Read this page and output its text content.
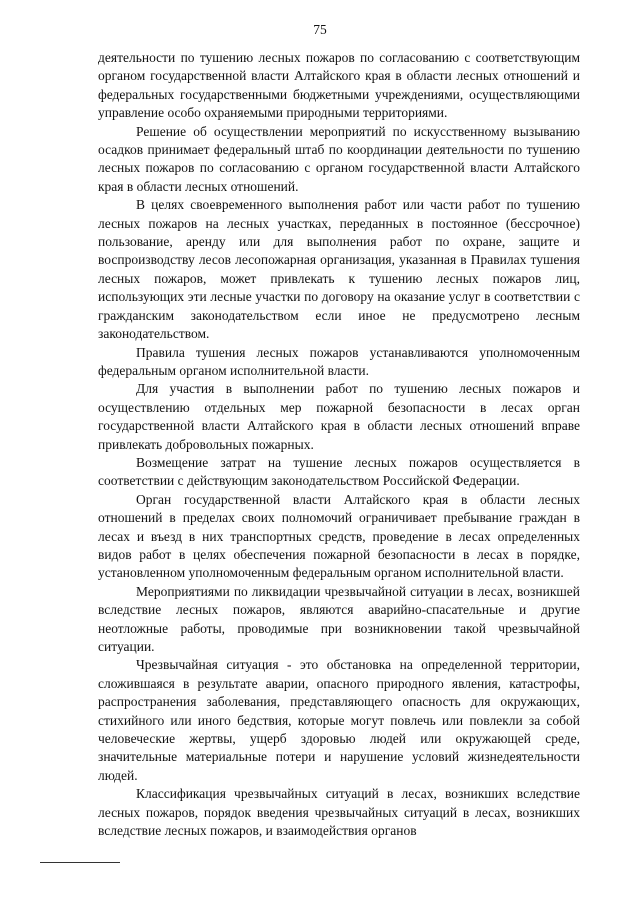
75

деятельности по тушению лесных пожаров по согласованию с соответствующим органом государственной власти Алтайского края в области лесных отношений и федеральных государственными бюджетными учреждениями, осуществляющими управление особо охраняемыми природными территориями.

Решение об осуществлении мероприятий по искусственному вызыванию осадков принимает федеральный штаб по координации деятельности по тушению лесных пожаров по согласованию с органом государственной власти Алтайского края в области лесных отношений.

В целях своевременного выполнения работ или части работ по тушению лесных пожаров на лесных участках, переданных в постоянное (бессрочное) пользование, аренду или для выполнения работ по охране, защите и воспроизводству лесов лесопожарная организация, указанная в Правилах тушения лесных пожаров, может привлекать к тушению лесных пожаров лиц, использующих эти лесные участки по договору на оказание услуг в соответствии с гражданским законодательством если иное не предусмотрено лесным законодательством.

Правила тушения лесных пожаров устанавливаются уполномоченным федеральным органом исполнительной власти.

Для участия в выполнении работ по тушению лесных пожаров и осуществлению отдельных мер пожарной безопасности в лесах орган государственной власти Алтайского края в области лесных отношений вправе привлекать добровольных пожарных.

Возмещение затрат на тушение лесных пожаров осуществляется в соответствии с действующим законодательством Российской Федерации.

Орган государственной власти Алтайского края в области лесных отношений в пределах своих полномочий ограничивает пребывание граждан в лесах и въезд в них транспортных средств, проведение в лесах определенных видов работ в целях обеспечения пожарной безопасности в лесах в порядке, установленном уполномоченным федеральным органом исполнительной власти.

Мероприятиями по ликвидации чрезвычайной ситуации в лесах, возникшей вследствие лесных пожаров, являются аварийно-спасательные и другие неотложные работы, проводимые при возникновении такой чрезвычайной ситуации.

Чрезвычайная ситуация - это обстановка на определенной территории, сложившаяся в результате аварии, опасного природного явления, катастрофы, распространения заболевания, представляющего опасность для окружающих, стихийного или иного бедствия, которые могут повлечь или повлекли за собой человеческие жертвы, ущерб здоровью людей или окружающей среде, значительные материальные потери и нарушение условий жизнедеятельности людей.

Классификация чрезвычайных ситуаций в лесах, возникших вследствие лесных пожаров, порядок введения чрезвычайных ситуаций в лесах, возникших вследствие лесных пожаров, и взаимодействия органов
